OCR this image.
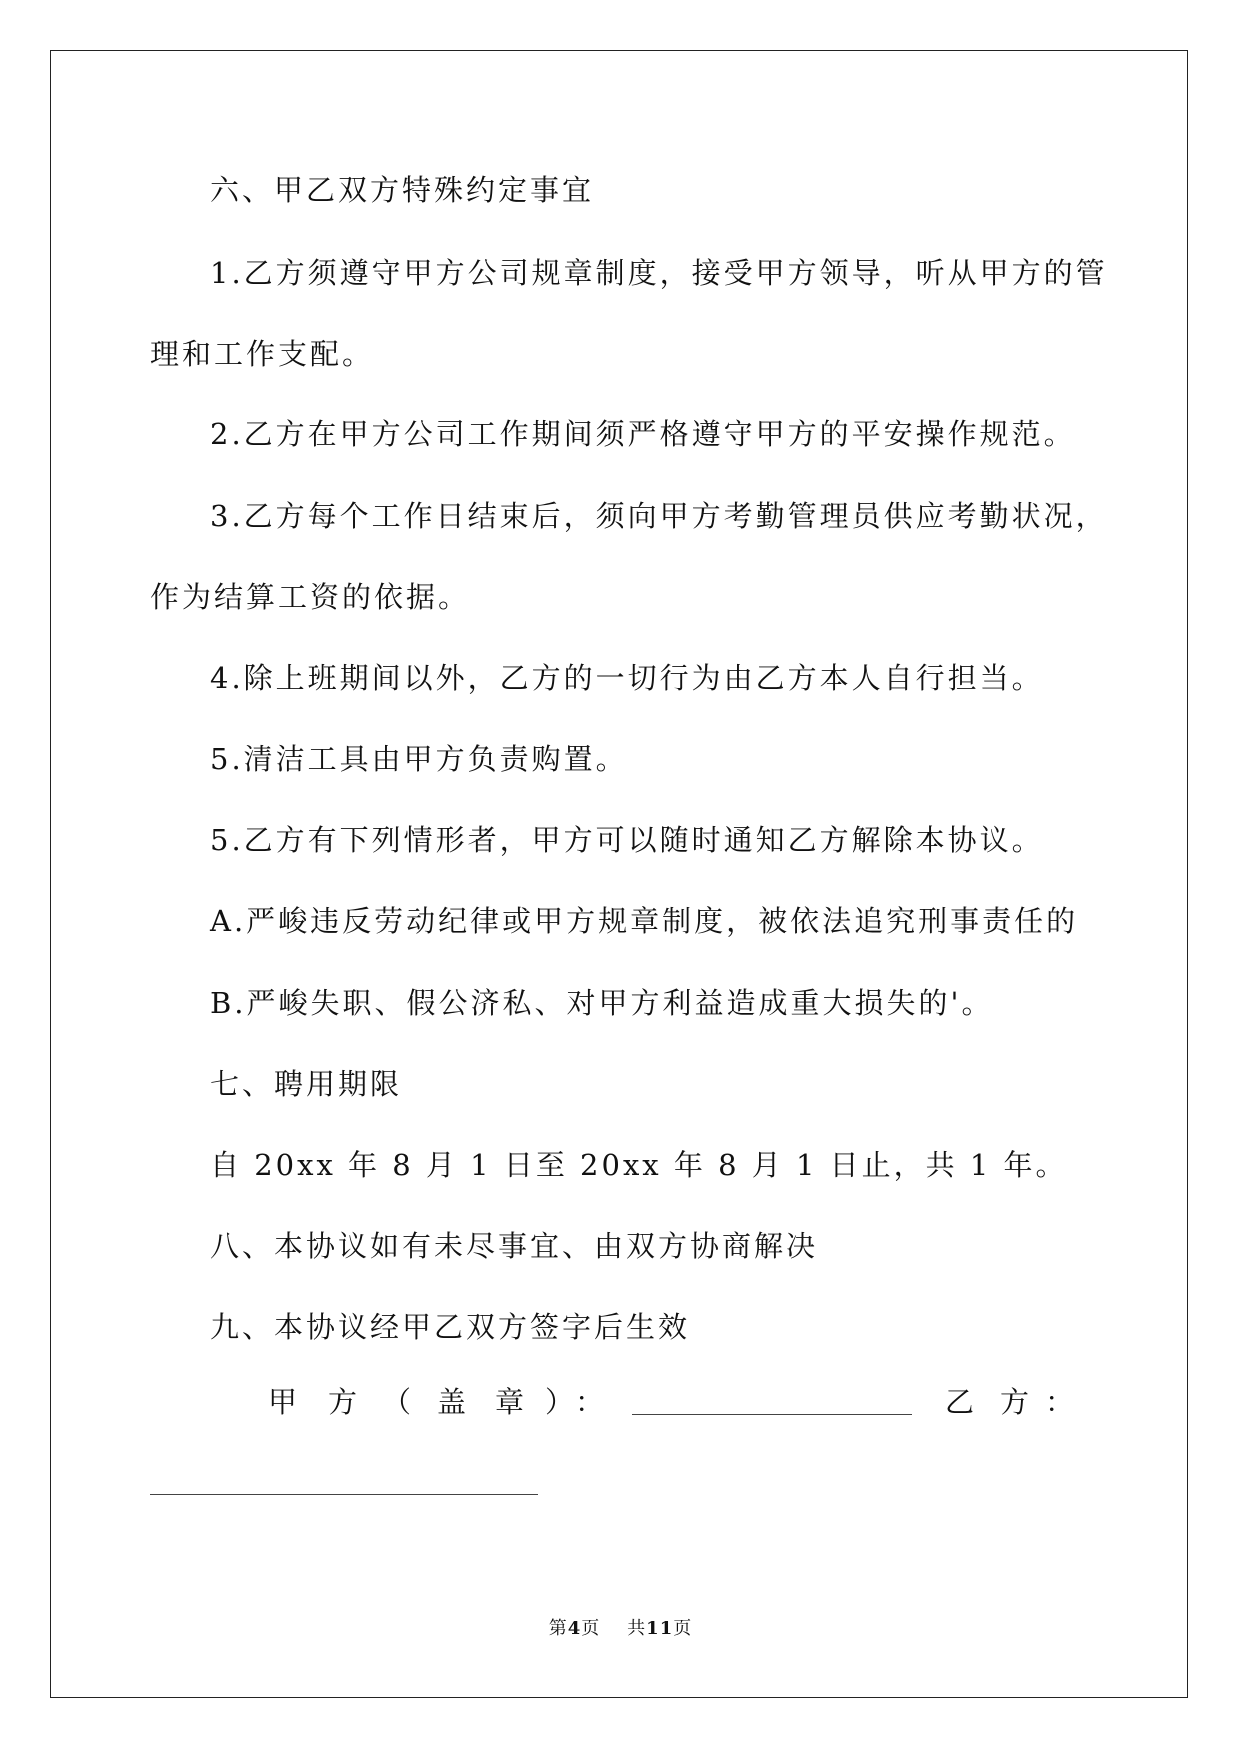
六、甲乙双方特殊约定事宜
1.乙方须遵守甲方公司规章制度，接受甲方领导，听从甲方的管
理和工作支配。
2.乙方在甲方公司工作期间须严格遵守甲方的平安操作规范。
3.乙方每个工作日结束后，须向甲方考勤管理员供应考勤状况，
作为结算工资的依据。
4.除上班期间以外，乙方的一切行为由乙方本人自行担当。
5.清洁工具由甲方负责购置。
5.乙方有下列情形者，甲方可以随时通知乙方解除本协议。
A.严峻违反劳动纪律或甲方规章制度，被依法追究刑事责任的
B.严峻失职、假公济私、对甲方利益造成重大损失的'。
七、聘用期限
自 20xx 年 8 月 1 日至 20xx 年 8 月 1 日止，共 1 年。
八、本协议如有未尽事宜、由双方协商解决
九、本协议经甲乙双方签字后生效
甲 方 （ 盖 章 ） ：	乙 方 ：
第4页 共11页
